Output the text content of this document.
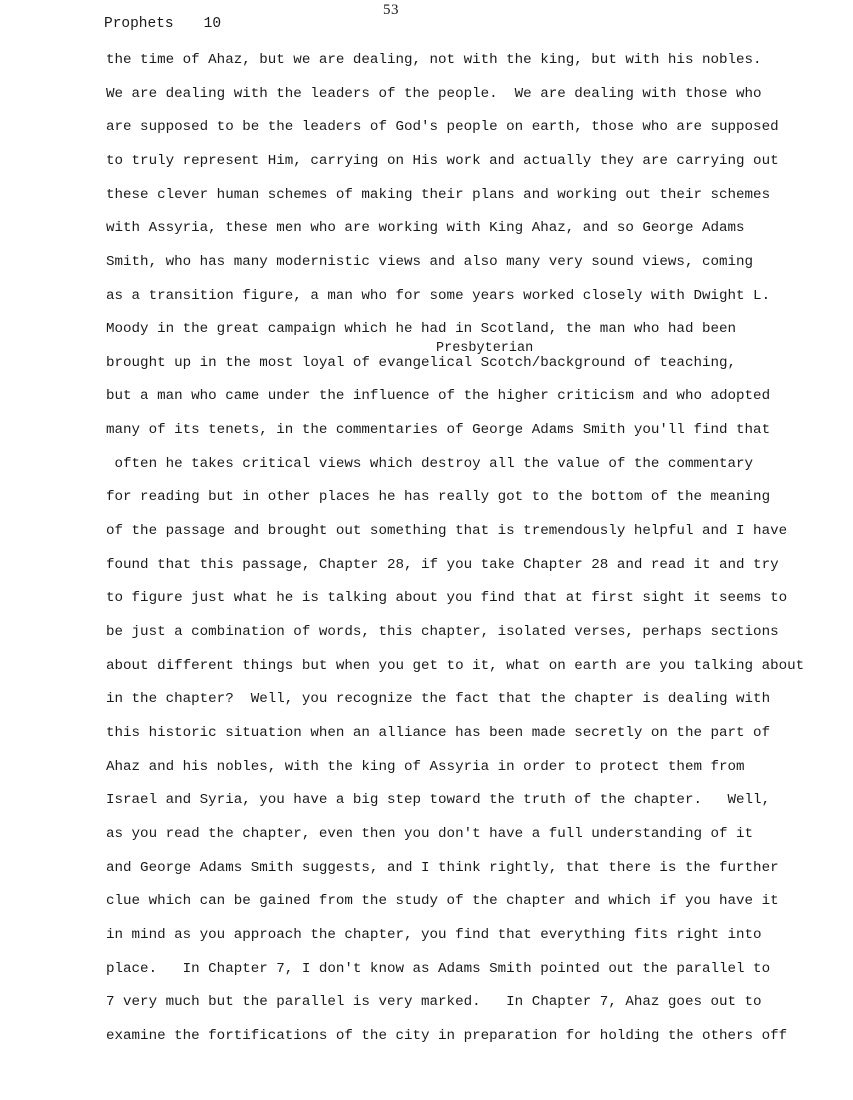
53
Prophets 10
Presbyterian
the time of Ahaz, but we are dealing, not with the king, but with his nobles.
We are dealing with the leaders of the people.  We are dealing with those who
are supposed to be the leaders of God's people on earth, those who are supposed
to truly represent Him, carrying on His work and actually they are carrying out
these clever human schemes of making their plans and working out their schemes
with Assyria, these men who are working with King Ahaz, and so George Adams
Smith, who has many modernistic views and also many very sound views, coming
as a transition figure, a man who for some years worked closely with Dwight L.
Moody in the great campaign which he had in Scotland, the man who had been
brought up in the most loyal of evangelical Scotch/background of teaching,
but a man who came under the influence of the higher criticism and who adopted
many of its tenets, in the commentaries of George Adams Smith you'll find that
often he takes critical views which destroy all the value of the commentary
for reading but in other places he has really got to the bottom of the meaning
of the passage and brought out something that is tremendously helpful and I have
found that this passage, Chapter 28, if you take Chapter 28 and read it and try
to figure just what he is talking about you find that at first sight it seems to
be just a combination of words, this chapter, isolated verses, perhaps sections
about different things but when you get to it, what on earth are you talking about
in the chapter?  Well, you recognize the fact that the chapter is dealing with
this historic situation when an alliance has been made secretly on the part of
Ahaz and his nobles, with the king of Assyria in order to protect them from
Israel and Syria, you have a big step toward the truth of the chapter.   Well,
as you read the chapter, even then you don't have a full understanding of it
and George Adams Smith suggests, and I think rightly, that there is the further
clue which can be gained from the study of the chapter and which if you have it
in mind as you approach the chapter, you find that everything fits right into
place.   In Chapter 7, I don't know as Adams Smith pointed out the parallel to
7 very much but the parallel is very marked.   In Chapter 7, Ahaz goes out to
examine the fortifications of the city in preparation for holding the others off
